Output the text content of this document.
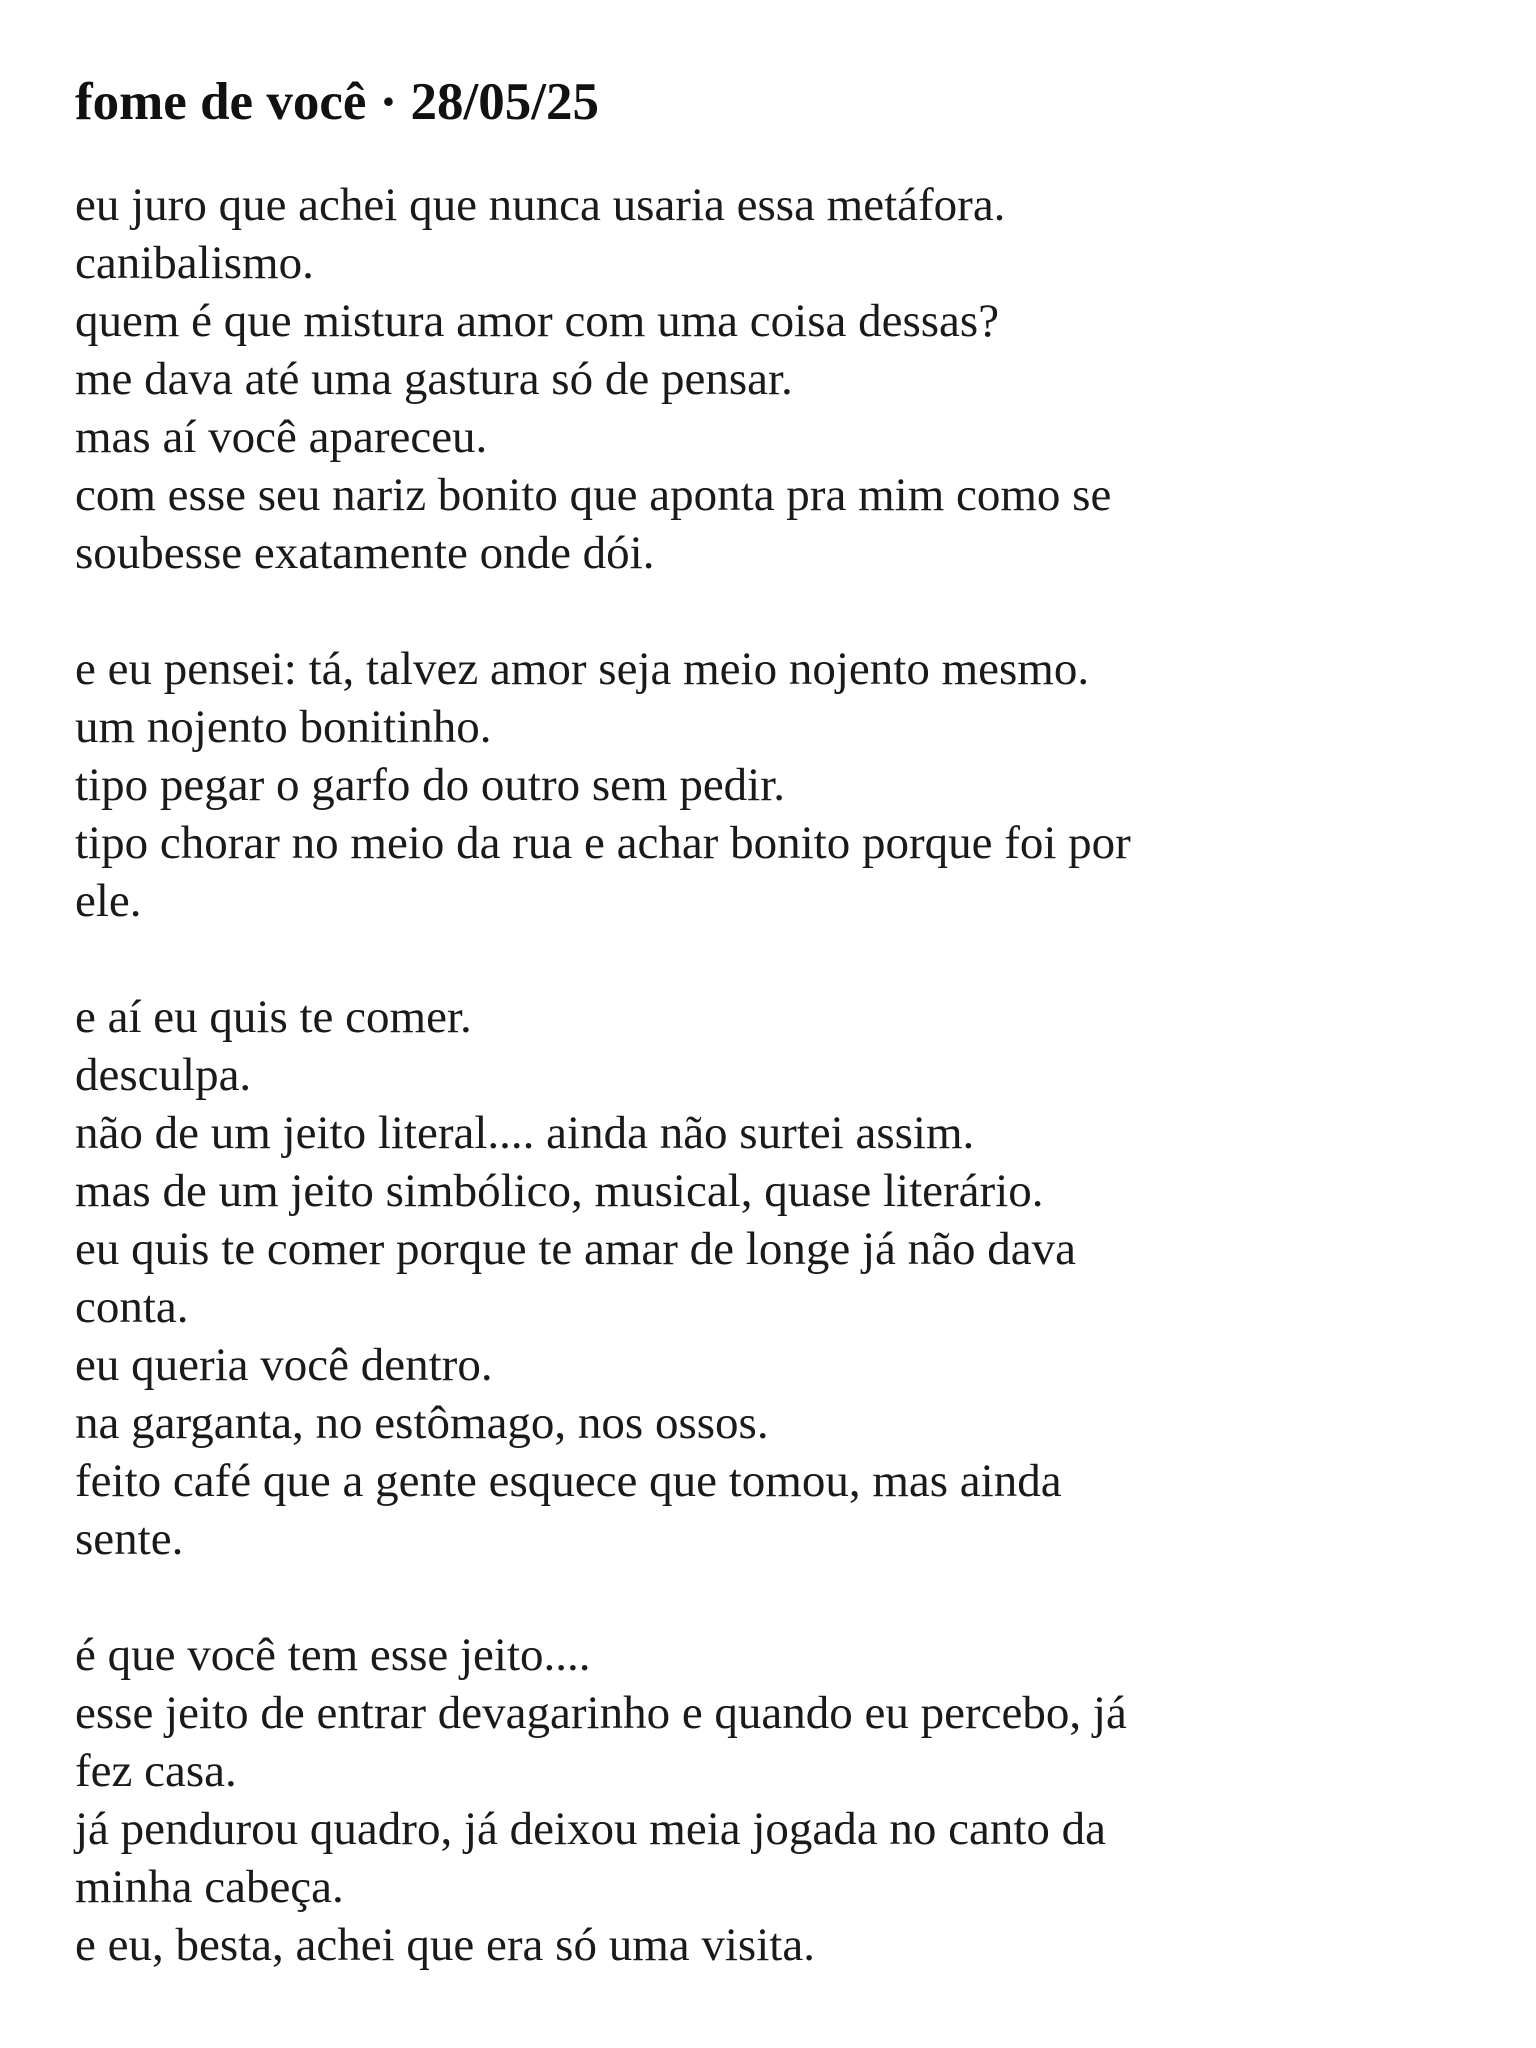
fome de você · 28/05/25
eu juro que achei que nunca usaria essa metáfora.
canibalismo.
quem é que mistura amor com uma coisa dessas?
me dava até uma gastura só de pensar.
mas aí você apareceu.
com esse seu nariz bonito que aponta pra mim como se
soubesse exatamente onde dói.
e eu pensei: tá, talvez amor seja meio nojento mesmo.
um nojento bonitinho.
tipo pegar o garfo do outro sem pedir.
tipo chorar no meio da rua e achar bonito porque foi por
ele.
e aí eu quis te comer.
desculpa.
não de um jeito literal.... ainda não surtei assim.
mas de um jeito simbólico, musical, quase literário.
eu quis te comer porque te amar de longe já não dava
conta.
eu queria você dentro.
na garganta, no estômago, nos ossos.
feito café que a gente esquece que tomou, mas ainda
sente.
é que você tem esse jeito....
esse jeito de entrar devagarinho e quando eu percebo, já
fez casa.
já pendurou quadro, já deixou meia jogada no canto da
minha cabeça.
e eu, besta, achei que era só uma visita.
